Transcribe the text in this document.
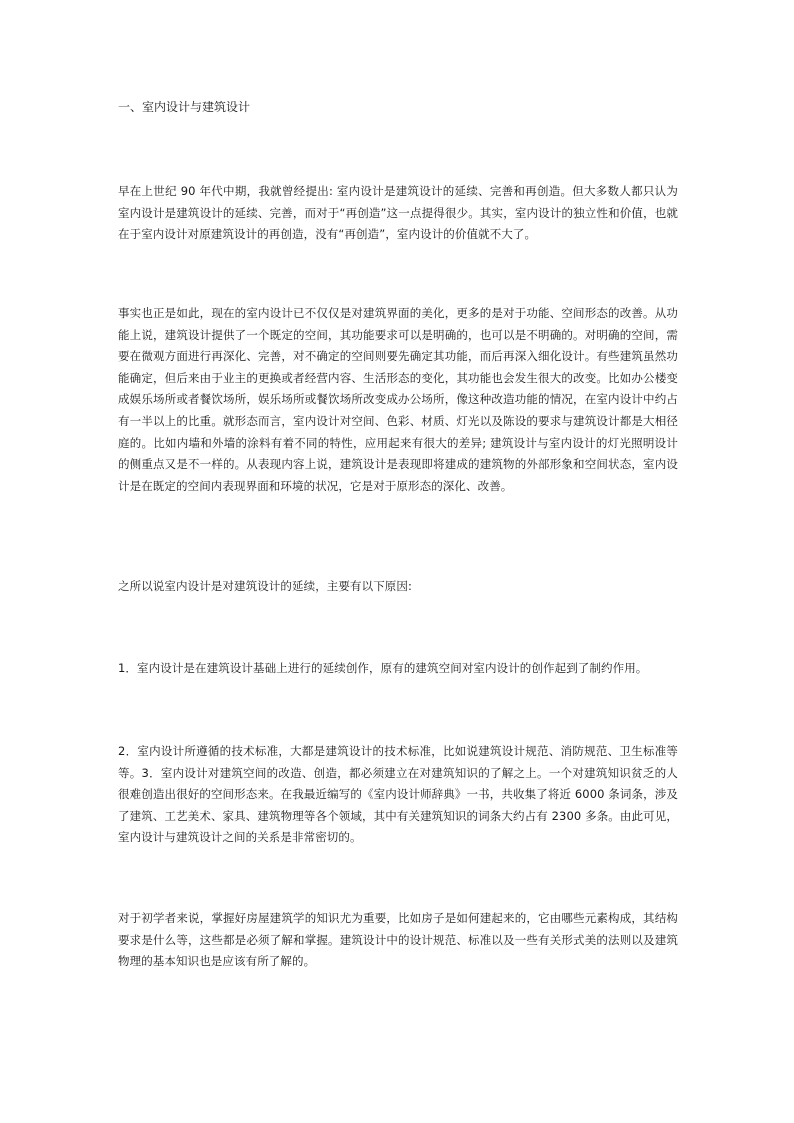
一、室内设计与建筑设计

早在上世纪 90 年代中期，我就曾经提出: 室内设计是建筑设计的延续、完善和再创造。但大多数人都只认为室内设计是建筑设计的延续、完善，而对于“再创造”这一点提得很少。其实，室内设计的独立性和价值，也就在于室内设计对原建筑设计的再创造，没有“再创造”，室内设计的价值就不大了。

事实也正是如此，现在的室内设计已不仅仅是对建筑界面的美化，更多的是对于功能、空间形态的改善。从功能上说，建筑设计提供了一个既定的空间，其功能要求可以是明确的，也可以是不明确的。对明确的空间，需要在微观方面进行再深化、完善，对不确定的空间则要先确定其功能，而后再深入细化设计。有些建筑虽然功能确定，但后来由于业主的更换或者经营内容、生活形态的变化，其功能也会发生很大的改变。比如办公楼变成娱乐场所或者餐饮场所，娱乐场所或餐饮场所改变成办公场所，像这种改造功能的情况，在室内设计中约占有一半以上的比重。就形态而言，室内设计对空间、色彩、材质、灯光以及陈设的要求与建筑设计都是大相径庭的。比如内墙和外墙的涂料有着不同的特性，应用起来有很大的差异; 建筑设计与室内设计的灯光照明设计的侧重点又是不一样的。从表现内容上说，建筑设计是表现即将建成的建筑物的外部形象和空间状态，室内设计是在既定的空间内表现界面和环境的状况，它是对于原形态的深化、改善。

之所以说室内设计是对建筑设计的延续，主要有以下原因:

1．室内设计是在建筑设计基础上进行的延续创作，原有的建筑空间对室内设计的创作起到了制约作用。

2．室内设计所遵循的技术标准，大都是建筑设计的技术标准，比如说建筑设计规范、消防规范、卫生标准等等。3．室内设计对建筑空间的改造、创造，都必须建立在对建筑知识的了解之上。一个对建筑知识贫乏的人很难创造出很好的空间形态来。在我最近编写的《室内设计师辞典》一书，共收集了将近 6000 条词条，涉及了建筑、工艺美术、家具、建筑物理等各个领域，其中有关建筑知识的词条大约占有 2300 多条。由此可见，室内设计与建筑设计之间的关系是非常密切的。

对于初学者来说，掌握好房屋建筑学的知识尤为重要，比如房子是如何建起来的，它由哪些元素构成，其结构要求是什么等，这些都是必须了解和掌握。建筑设计中的设计规范、标准以及一些有关形式美的法则以及建筑物理的基本知识也是应该有所了解的。
